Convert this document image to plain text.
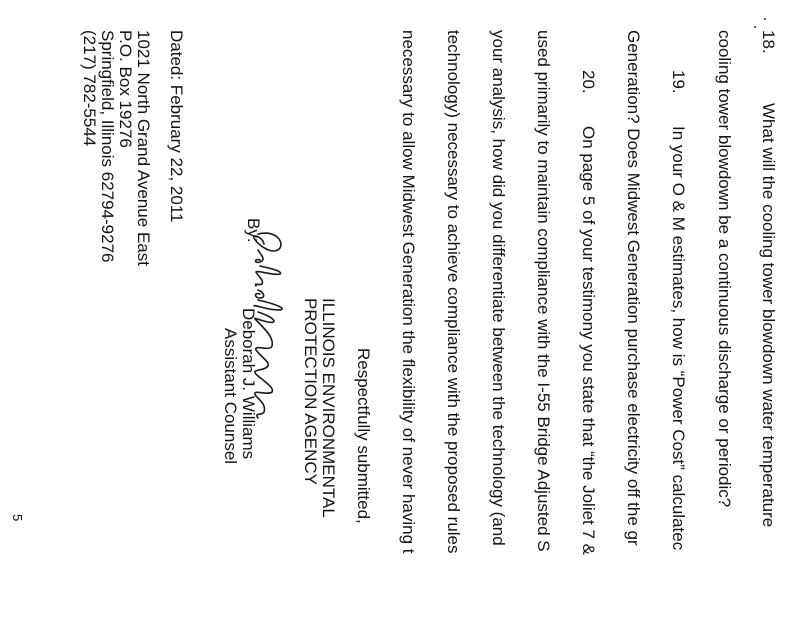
18.
What will the cooling tower blowdown water temperature
cooling tower blowdown be a continuous discharge or periodic?
19.
In your O & M estimates, how is “Power Cost” calculatec
Generation? Does Midwest Generation purchase electricity off the gr
20.
On page 5 of your testimony you state that “the Joliet 7 &
used primarily to maintain compliance with the I-55 Bridge Adjusted S
your analysis, how did you differentiate between the technology (and
technology) necessary to achieve compliance with the proposed rules
necessary to allow Midwest Generation the flexibility of never having t
Respectfully submitted,
ILLINOIS ENVIRONMENTAL
PROTECTION AGENCY
By:
Deborah J. Williams
Assistant Counsel
Dated: February 22, 2011
1021 North Grand Avenue East
P.O. Box 19276
Springfield, Illinois 62794-9276
(217) 782-5544
5
